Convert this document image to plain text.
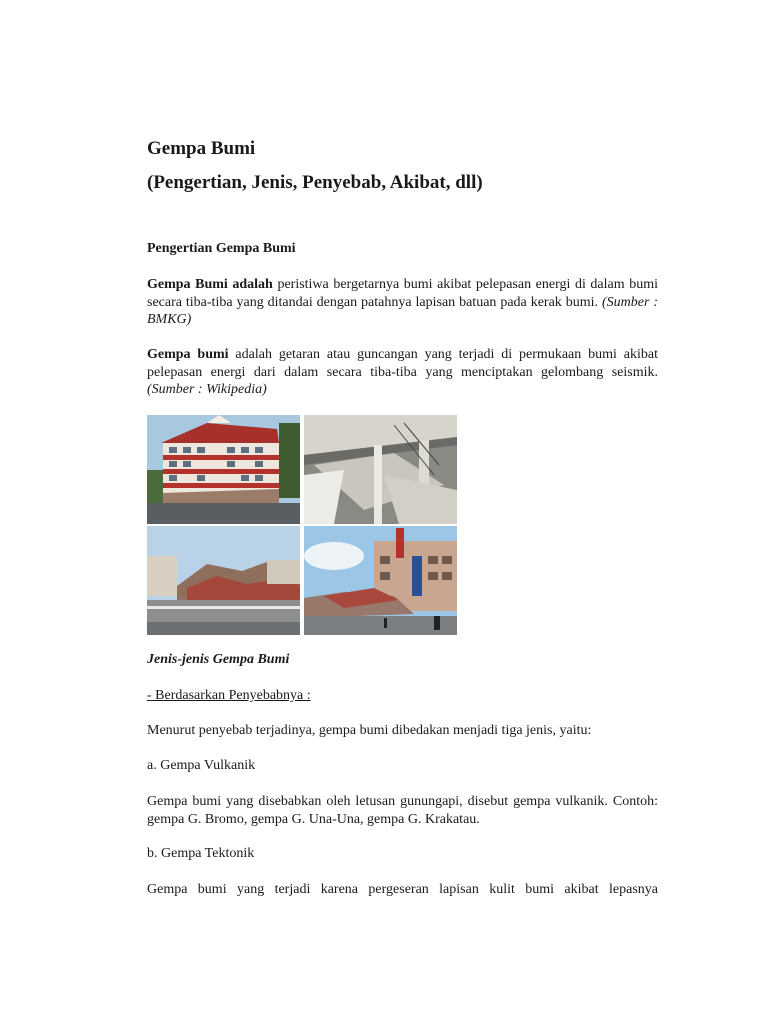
Gempa Bumi
(Pengertian, Jenis, Penyebab, Akibat, dll)
Pengertian Gempa Bumi
Gempa Bumi adalah peristiwa bergetarnya bumi akibat pelepasan energi di dalam bumi secara tiba-tiba yang ditandai dengan patahnya lapisan batuan pada kerak bumi. (Sumber : BMKG)
Gempa bumi adalah getaran atau guncangan yang terjadi di permukaan bumi akibat pelepasan energi dari dalam secara tiba-tiba yang menciptakan gelombang seismik.(Sumber : Wikipedia)
Jenis-jenis Gempa Bumi
- Berdasarkan Penyebabnya :
Menurut penyebab terjadinya, gempa bumi dibedakan menjadi tiga jenis, yaitu:
a. Gempa Vulkanik
Gempa bumi yang disebabkan oleh letusan gunungapi, disebut gempa vulkanik. Contoh: gempa G. Bromo, gempa G. Una-Una, gempa G. Krakatau.
b. Gempa Tektonik
Gempa bumi yang terjadi karena pergeseran lapisan kulit bumi akibat lepasnya
